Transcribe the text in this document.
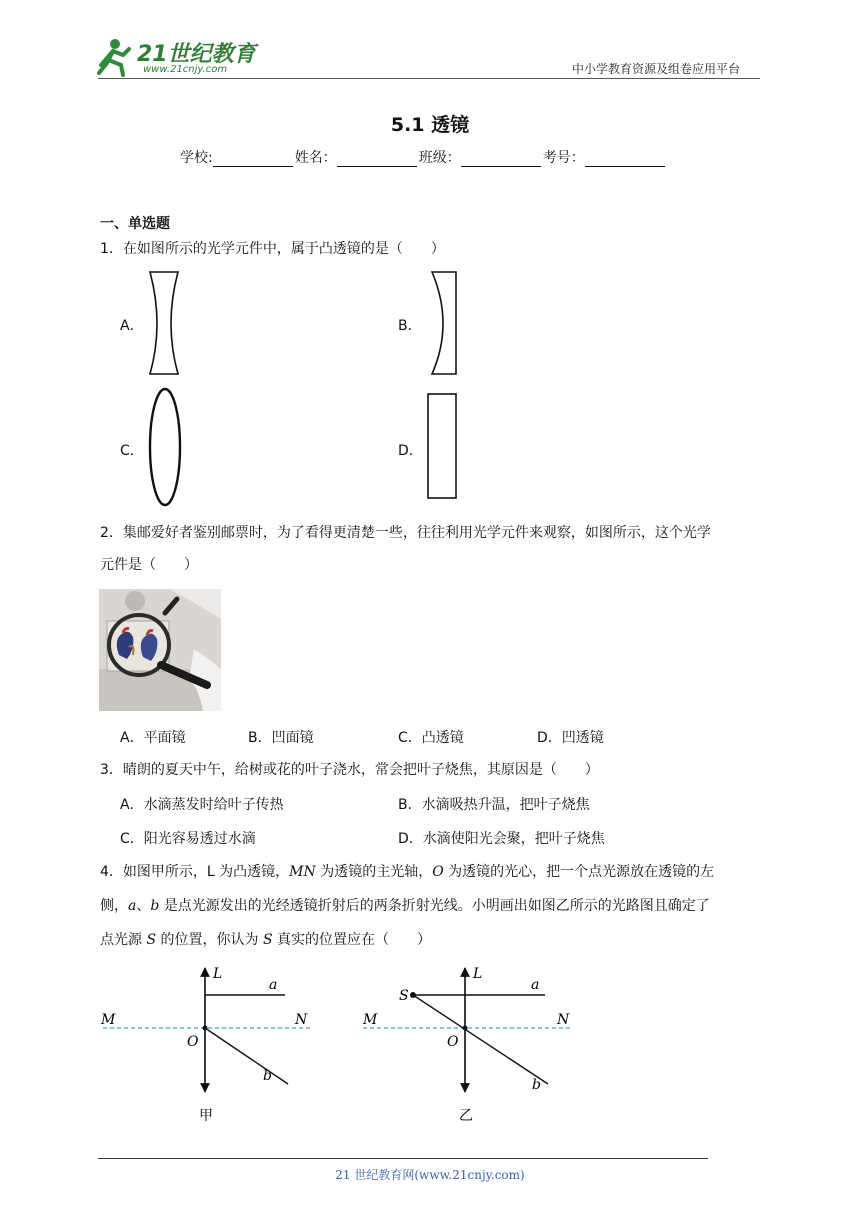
21世纪教育
www.21cnjy.com	中小学教育资源及组卷应用平台
5.1 透镜
学校:	姓名：	班级：	考号：
一、单选题
1．在如图所示的光学元件中，属于凸透镜的是（　　）
A．	B．
C．	D．
2．集邮爱好者鉴别邮票时，为了看得更清楚一些，往往利用光学元件来观察，如图所示，这个光学
元件是（　　）
A．平面镜	B．凹面镜	C．凸透镜	D．凹透镜
3．晴朗的夏天中午，给树或花的叶子浇水，常会把叶子烧焦，其原因是（　　）
A．水滴蒸发时给叶子传热	B．水滴吸热升温，把叶子烧焦
C．阳光容易透过水滴	D．水滴使阳光会聚，把叶子烧焦
4．如图甲所示，L 为凸透镜，MN 为透镜的主光轴，O 为透镜的光心，把一个点光源放在透镜的左
侧，a、b 是点光源发出的光经透镜折射后的两条折射光线。小明画出如图乙所示的光路图且确定了
点光源 S 的位置，你认为 S 真实的位置应在（　　）
L
a
M	N
O
b
甲
L
S
a
M	N
O
b
乙
21 世纪教育网(www.21cnjy.com)
